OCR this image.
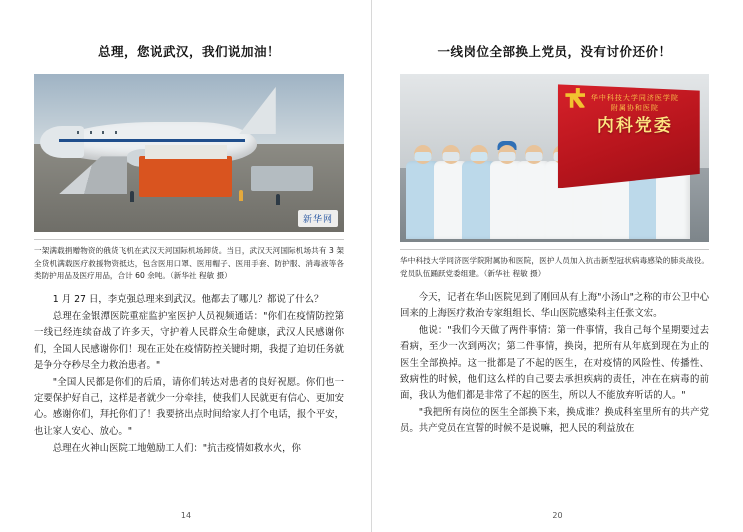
总理，您说武汉，我们说加油！
新华网
一架满载捐赠物资的俄货飞机在武汉天河国际机场卸货。当日，武汉天河国际机场共有 3 架全货机满载医疗救援物资抵达，包含医用口罩、医用帽子、医用手套、防护服、消毒液等各类防护用品及医疗用品，合计 60 余吨。（新华社 程敏 摄）

1 月 27 日，李克强总理来到武汉。他都去了哪儿？都说了什么？

总理在金银潭医院重症监护室医护人员视频通话："你们在疫情防控第一线已经连续奋战了许多天，守护着人民群众生命健康，武汉人民感谢你们，全国人民感谢你们！现在正处在疫情防控关键时期，我提了迫切任务就是争分夺秒尽全力救治患者。"

"全国人民都是你们的后盾，请你们转达对患者的良好祝愿。你们也一定要保护好自己，这样是者就少一分牵挂，使我们人民就更有信心、更加安心。感谢你们，拜托你们了！我要挤出点时间给家人打个电话，报个平安，也让家人安心、放心。"

总理在火神山医院工地勉励工人们："抗击疫情如救水火，你

14
一线岗位全部换上党员，没有讨价还价！
华中科技大学同济医学院附属协和医院
内科党委
华中科技大学同济医学院附属协和医院，医护人员加入抗击新型冠状病毒感染的肺炎战役。党员队伍踊跃党委组建。（新华社 程敏 摄）

今天，记者在华山医院见到了刚回从有上海"小汤山"之称的市公卫中心回来的上海医疗救治专家组组长、华山医院感染科主任张文宏。

他说："我们今天做了两件事情：第一件事情，我自己每个星期要过去看病，至少一次到两次；第二件事情，换岗，把所有从年底到现在为止的医生全部换掉。这一批都是了不起的医生，在对疫情的风险性、传播性、致病性的时候，他们这么样的自己要去承担疾病的责任，冲在在病毒的前面，我认为他们都是非常了不起的医生，所以人不能放弃听话的人。"

"我把所有岗位的医生全部换下来，换成谁？换成科室里所有的共产党员。共产党员在宣誓的时候不是说嘛，把人民的利益放在

20
